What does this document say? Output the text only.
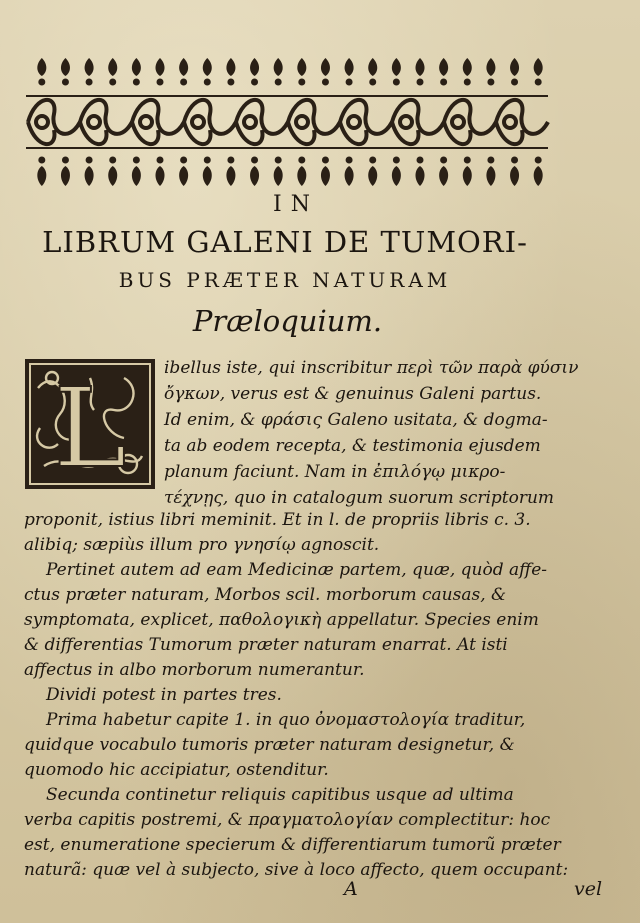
IN
LIBRUM GALENI DE TUMORI-
BUS PRÆTER NATURAM
Præloquium.
L ibellus iste, qui inscribitur περὶ τῶν παρὰ φύσιν
ὄγκων, verus est & genuinus Galeni partus.
Id enim, & φράσις Galeno usitata, & dogma-
ta ab eodem recepta, & testimonia ejusdem
planum faciunt. Nam in ἐπιλόγῳ μικρο-
τέχνῃς, quo in catalogum suorum scriptorum
proponit, istius libri meminit. Et in l. de propriis libris c. 3.
alibiq; sæpiùs illum pro γνησίῳ agnoscit.
Pertinet autem ad eam Medicinæ partem, quæ, quòd affe-
ctus præter naturam, Morbos scil. morborum causas, &
symptomata, explicet, παθολογικὴ appellatur. Species enim
& differentias Tumorum præter naturam enarrat. At isti
affectus in albo morborum numerantur.
Dividi potest in partes tres.
Prima habetur capite 1. in quo ὀνομαστολογία traditur,
quidque vocabulo tumoris præter naturam designetur, &
quomodo hic accipiatur, ostenditur.
Secunda continetur reliquis capitibus usque ad ultima
verba capitis postremi, & πραγματολογίαν complectitur: hoc
est, enumeratione specierum & differentiarum tumorũ præter
naturã: quæ vel à subjecto, sive à loco affecto, quem occupant:
A	vel
